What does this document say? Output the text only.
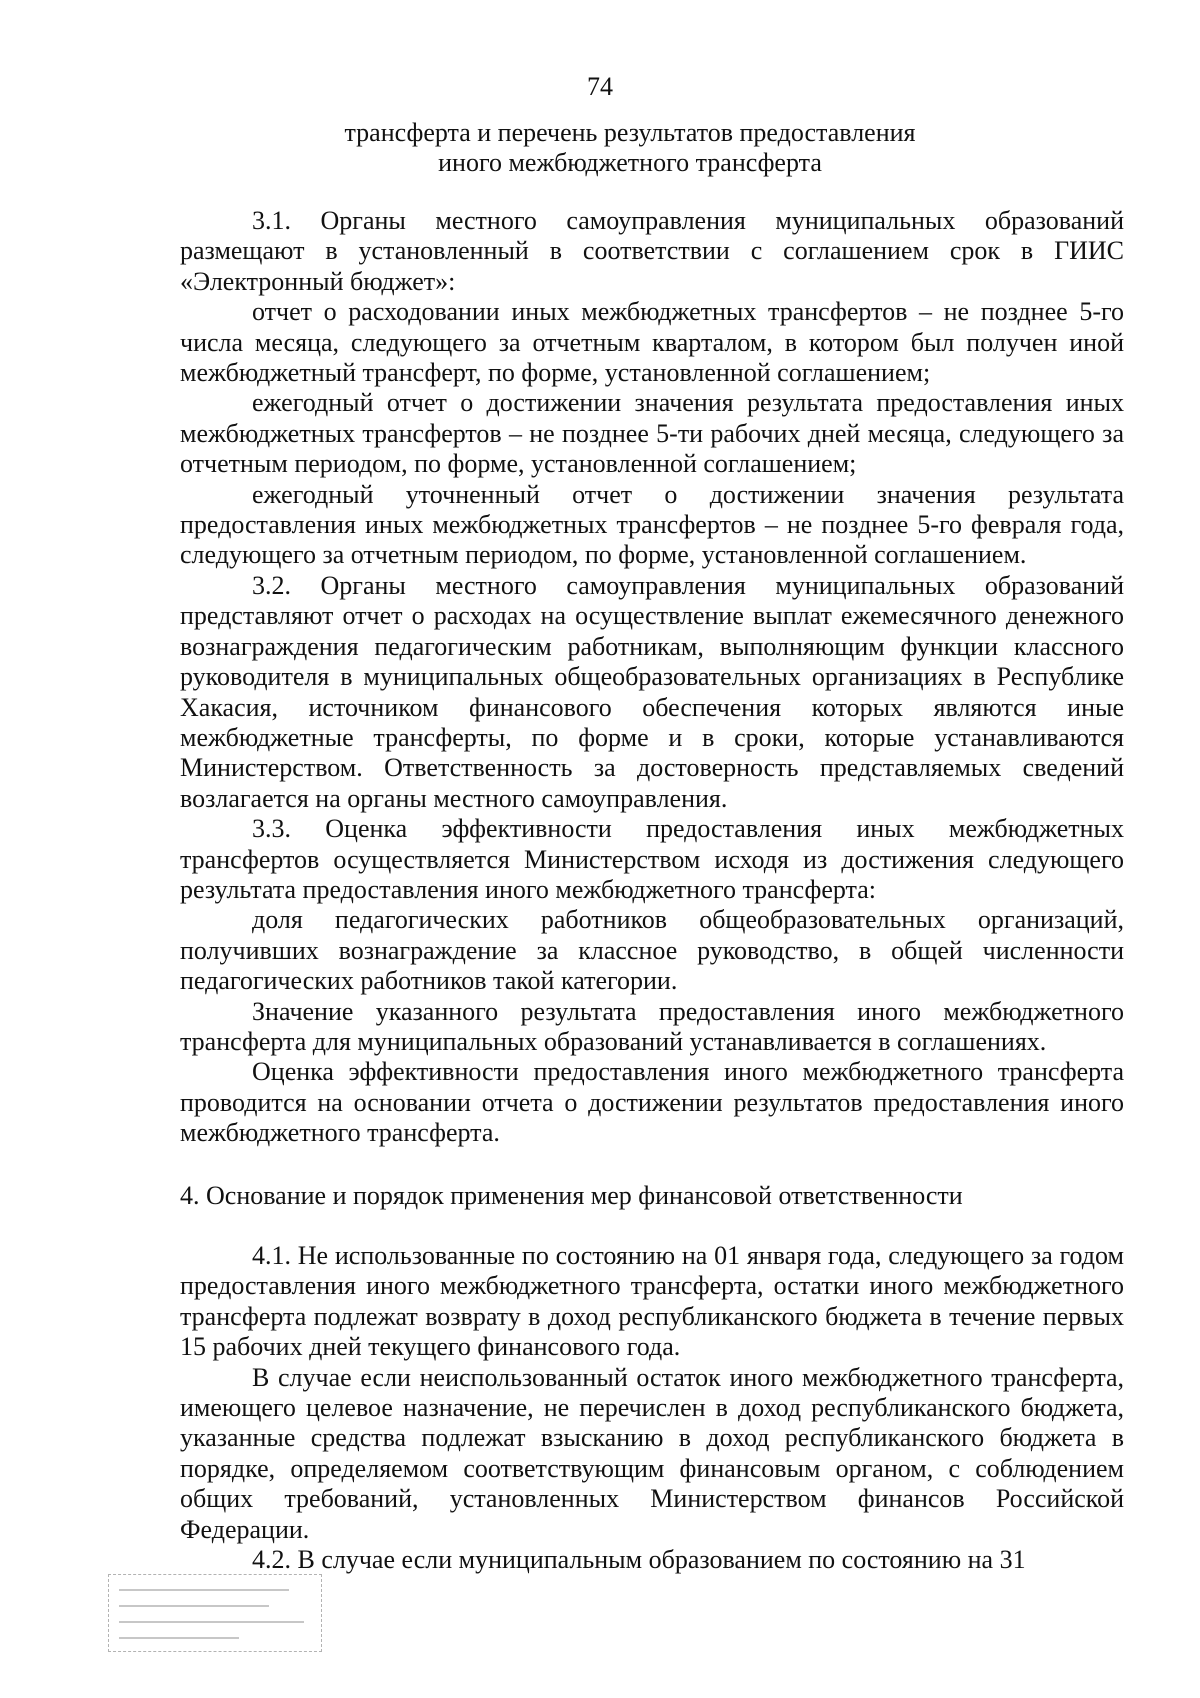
74
трансферта и перечень результатов предоставления
иного межбюджетного трансферта

3.1. Органы местного самоуправления муниципальных образований размещают в установленный в соответствии с соглашением срок в ГИИС «Электронный бюджет»:

отчет о расходовании иных межбюджетных трансфертов – не позднее 5-го числа месяца, следующего за отчетным кварталом, в котором был получен иной межбюджетный трансферт, по форме, установленной соглашением;

ежегодный отчет о достижении значения результата предоставления иных межбюджетных трансфертов – не позднее 5-ти рабочих дней месяца, следующего за отчетным периодом, по форме, установленной соглашением;

ежегодный уточненный отчет о достижении значения результата предоставления иных межбюджетных трансфертов – не позднее 5-го февраля года, следующего за отчетным периодом, по форме, установленной соглашением.

3.2. Органы местного самоуправления муниципальных образований представляют отчет о расходах на осуществление выплат ежемесячного денежного вознаграждения педагогическим работникам, выполняющим функции классного руководителя в муниципальных общеобразовательных организациях в Республике Хакасия, источником финансового обеспечения которых являются иные межбюджетные трансферты, по форме и в сроки, которые устанавливаются Министерством. Ответственность за достоверность представляемых сведений возлагается на органы местного самоуправления.

3.3. Оценка эффективности предоставления иных межбюджетных трансфертов осуществляется Министерством исходя из достижения следующего результата предоставления иного межбюджетного трансферта:

доля педагогических работников общеобразовательных организаций, получивших вознаграждение за классное руководство, в общей численности педагогических работников такой категории.

Значение указанного результата предоставления иного межбюджетного трансферта для муниципальных образований устанавливается в соглашениях.

Оценка эффективности предоставления иного межбюджетного трансферта проводится на основании отчета о достижении результатов предоставления иного межбюджетного трансферта.

4. Основание и порядок применения мер финансовой ответственности

4.1. Не использованные по состоянию на 01 января года, следующего за годом предоставления иного межбюджетного трансферта, остатки иного межбюджетного трансферта подлежат возврату в доход республиканского бюджета в течение первых 15 рабочих дней текущего финансового года.

В случае если неиспользованный остаток иного межбюджетного трансферта, имеющего целевое назначение, не перечислен в доход республиканского бюджета, указанные средства подлежат взысканию в доход республиканского бюджета в порядке, определяемом соответствующим финансовым органом, с соблюдением общих требований, установленных Министерством финансов Российской Федерации.

4.2. В случае если муниципальным образованием по состоянию на 31
